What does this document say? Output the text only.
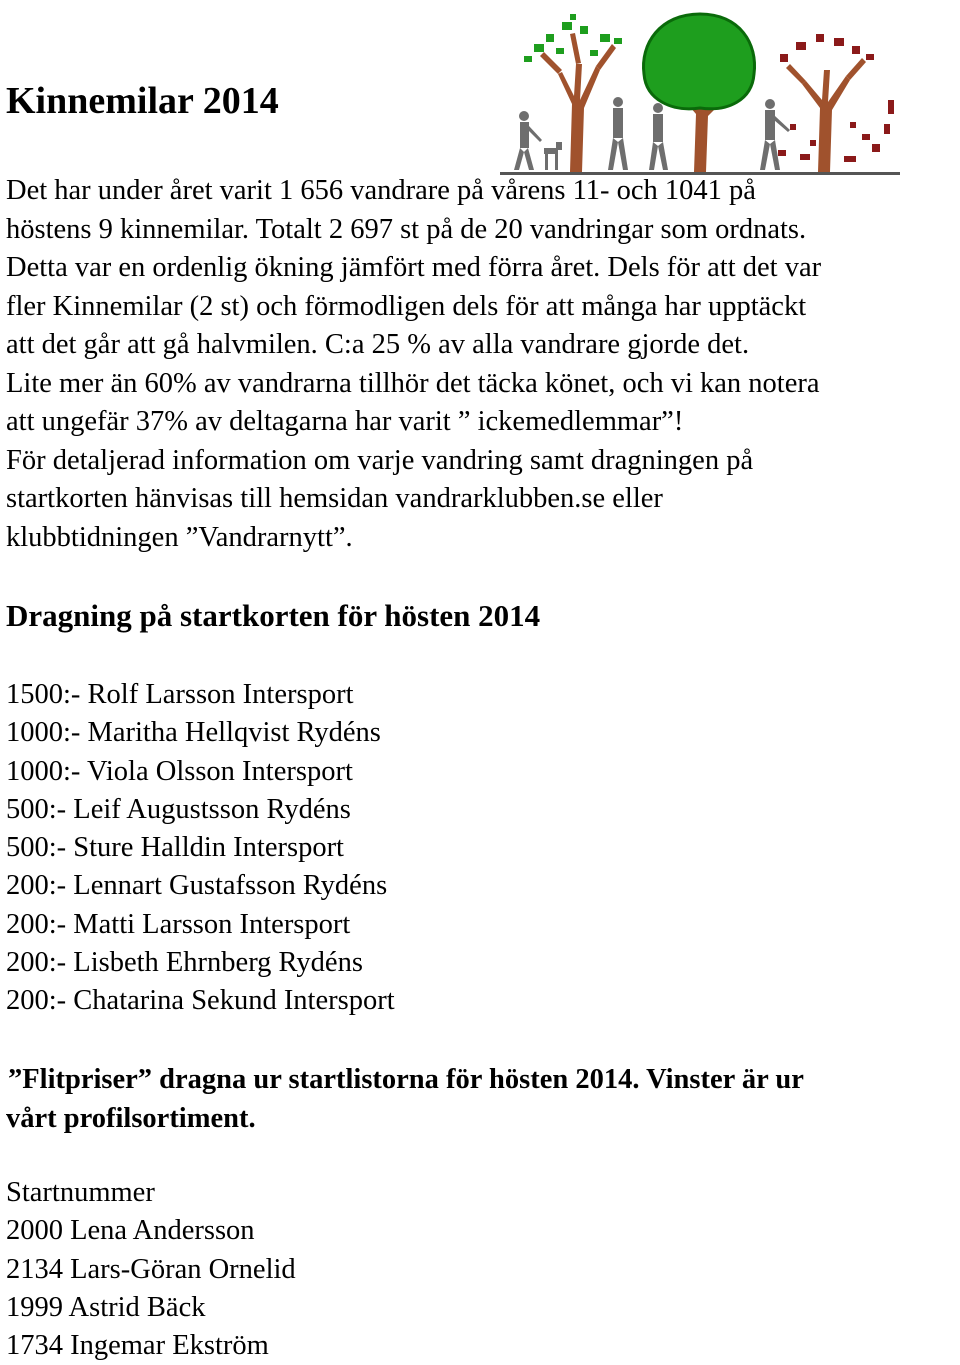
Kinnemilar 2014

Det har under året varit 1 656 vandrare på vårens 11- och 1041 på
höstens 9 kinnemilar. Totalt 2 697 st på de 20 vandringar som ordnats.
Detta var en ordenlig ökning jämfört med förra året. Dels för att det var
fler Kinnemilar (2 st) och förmodligen dels för att många har upptäckt
att det går att gå halvmilen. C:a 25 % av alla vandrare gjorde det.
Lite mer än 60% av vandrarna tillhör det täcka könet, och vi kan notera
att ungefär 37% av deltagarna har varit ” ickemedlemmar”!
För detaljerad information om varje vandring samt dragningen på
startkorten hänvisas till hemsidan vandrarklubben.se eller
klubbtidningen ”Vandrarnytt”.

Dragning på startkorten för hösten 2014
1500:- Rolf Larsson Intersport
1000:- Maritha Hellqvist Rydéns
1000:- Viola Olsson Intersport
500:- Leif Augustsson Rydéns
500:- Sture Halldin Intersport
200:- Lennart Gustafsson Rydéns
200:- Matti Larsson Intersport
200:- Lisbeth Ehrnberg Rydéns
200:- Chatarina Sekund Intersport

”Flitpriser” dragna ur startlistorna för hösten 2014. Vinster är ur
vårt profilsortiment.

Startnummer
2000 Lena Andersson
2134 Lars-Göran Ornelid
1999 Astrid Bäck
1734 Ingemar Ekström
